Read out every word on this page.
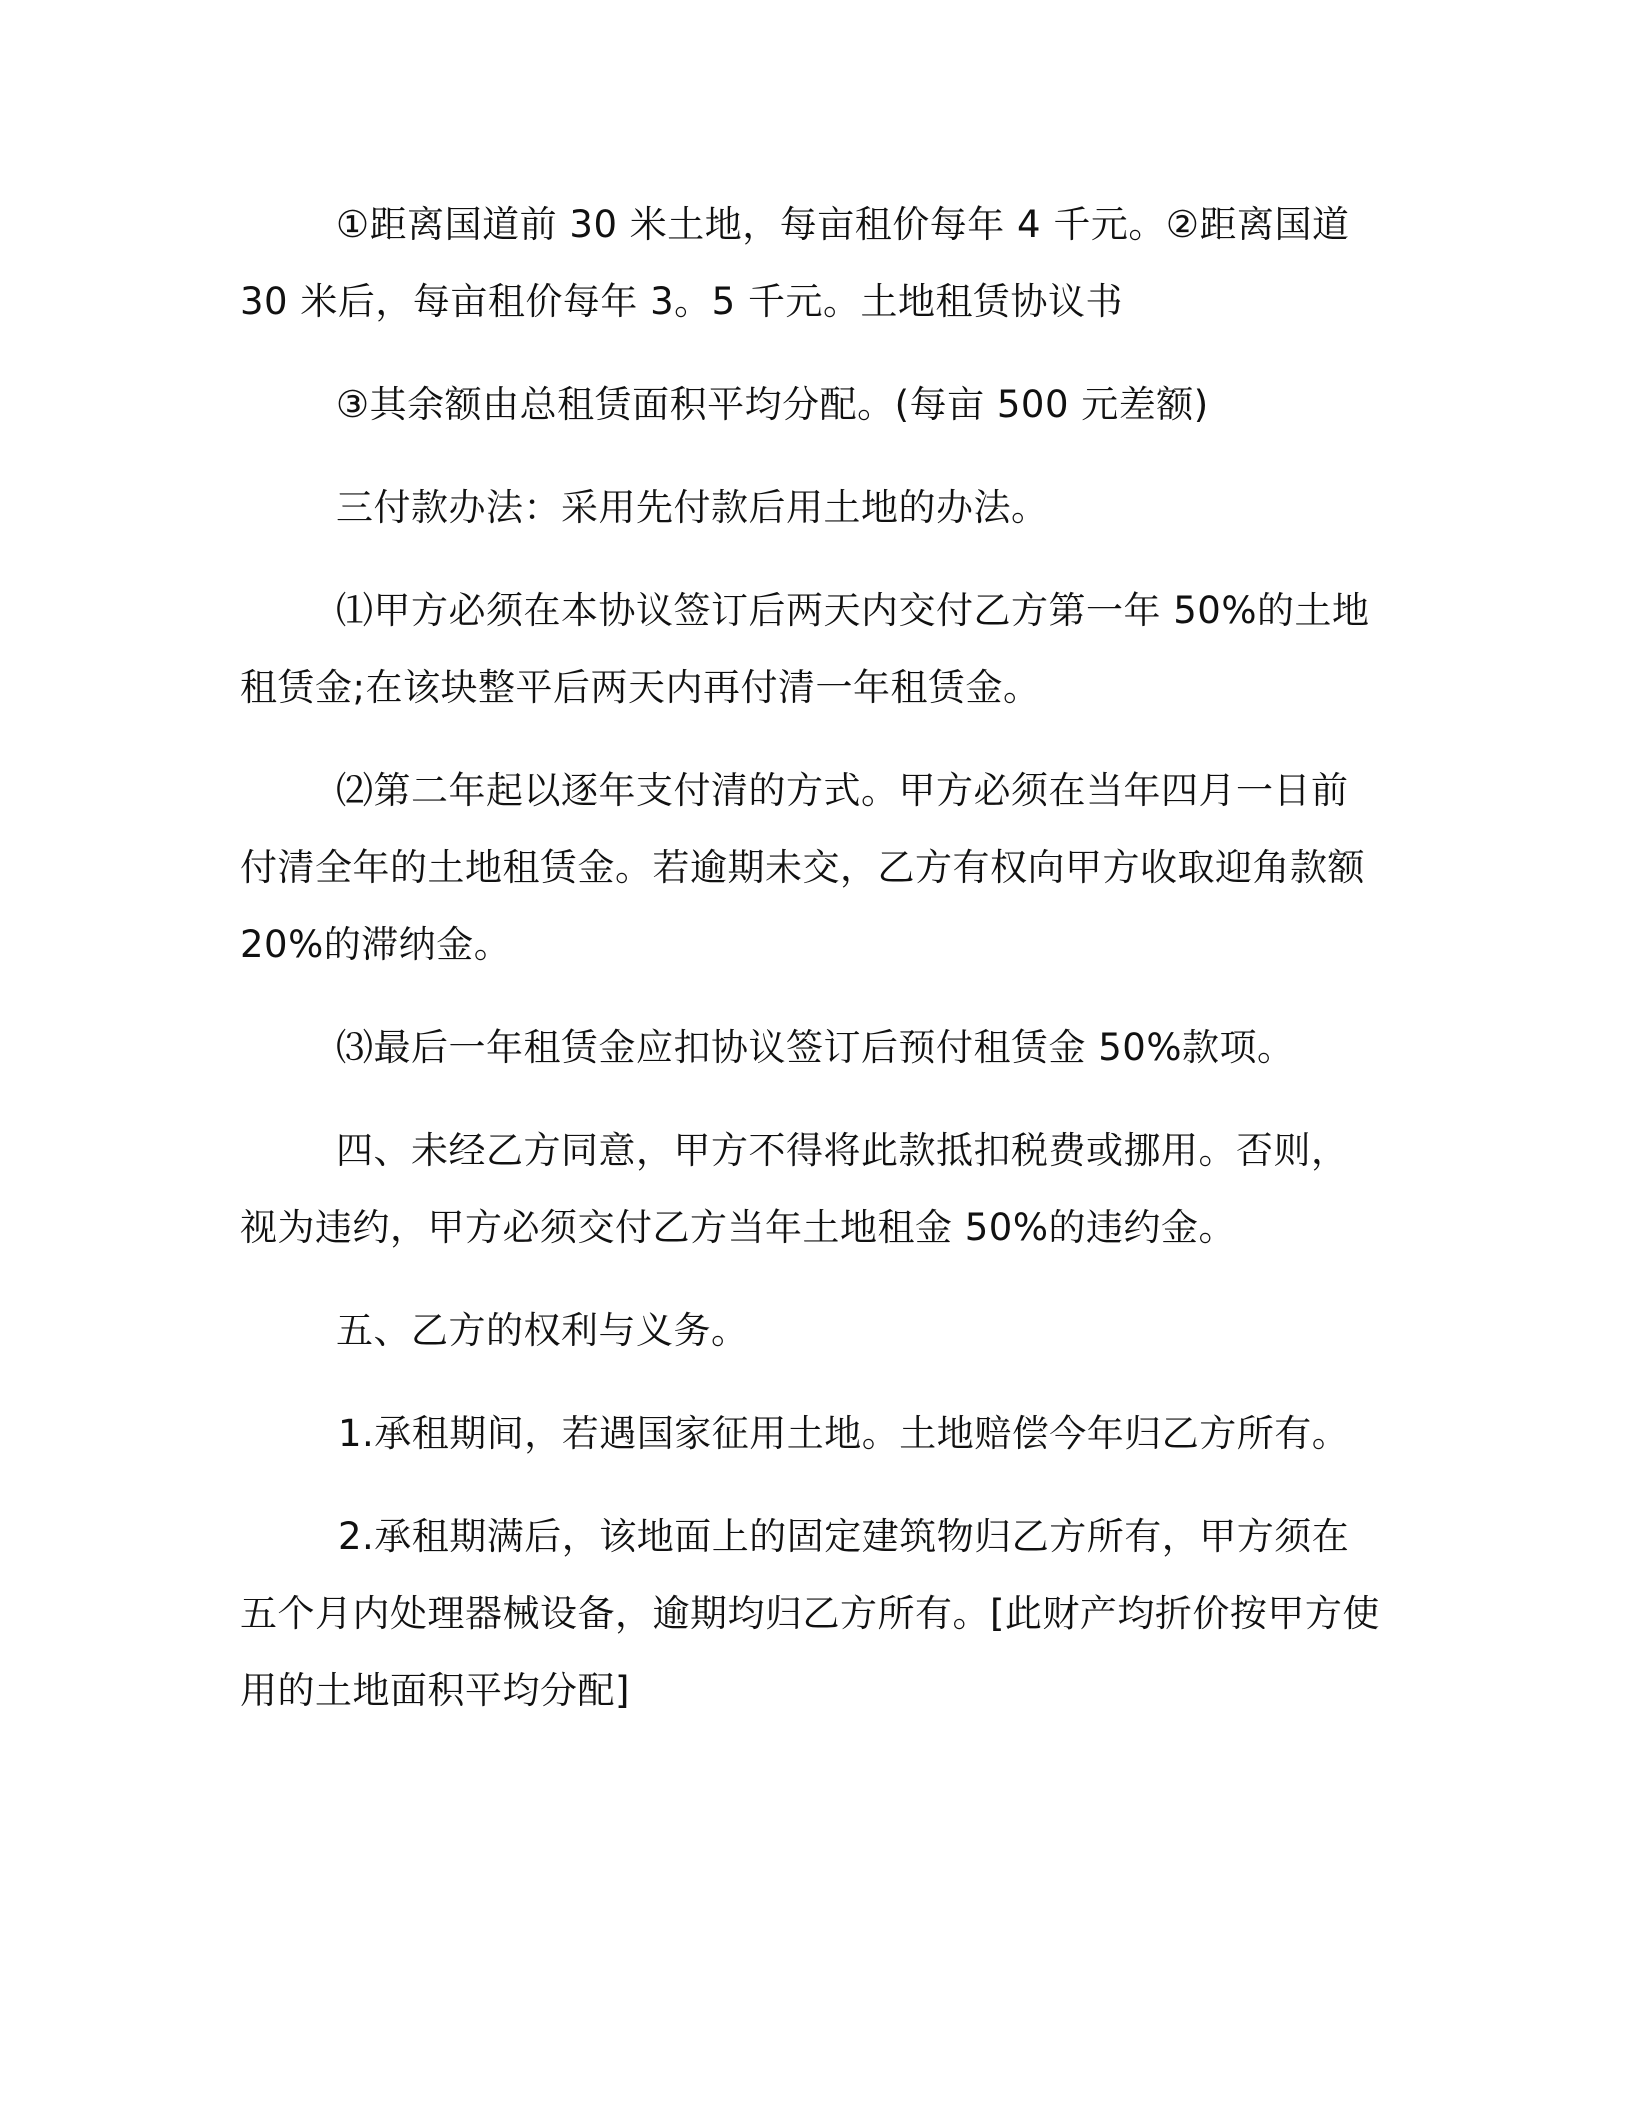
①距离国道前 30 米土地，每亩租价每年 4 千元。②距离国道 30 米后，每亩租价每年 3。5 千元。土地租赁协议书

③其余额由总租赁面积平均分配。(每亩 500 元差额)

三付款办法：采用先付款后用土地的办法。

⑴甲方必须在本协议签订后两天内交付乙方第一年 50%的土地租赁金;在该块整平后两天内再付清一年租赁金。

⑵第二年起以逐年支付清的方式。甲方必须在当年四月一日前付清全年的土地租赁金。若逾期未交，乙方有权向甲方收取迎角款额 20%的滞纳金。

⑶最后一年租赁金应扣协议签订后预付租赁金 50%款项。

四、未经乙方同意，甲方不得将此款抵扣税费或挪用。否则，视为违约，甲方必须交付乙方当年土地租金 50%的违约金。

五、乙方的权利与义务。

1.承租期间，若遇国家征用土地。土地赔偿今年归乙方所有。

2.承租期满后，该地面上的固定建筑物归乙方所有，甲方须在五个月内处理器械设备，逾期均归乙方所有。[此财产均折价按甲方使用的土地面积平均分配]
